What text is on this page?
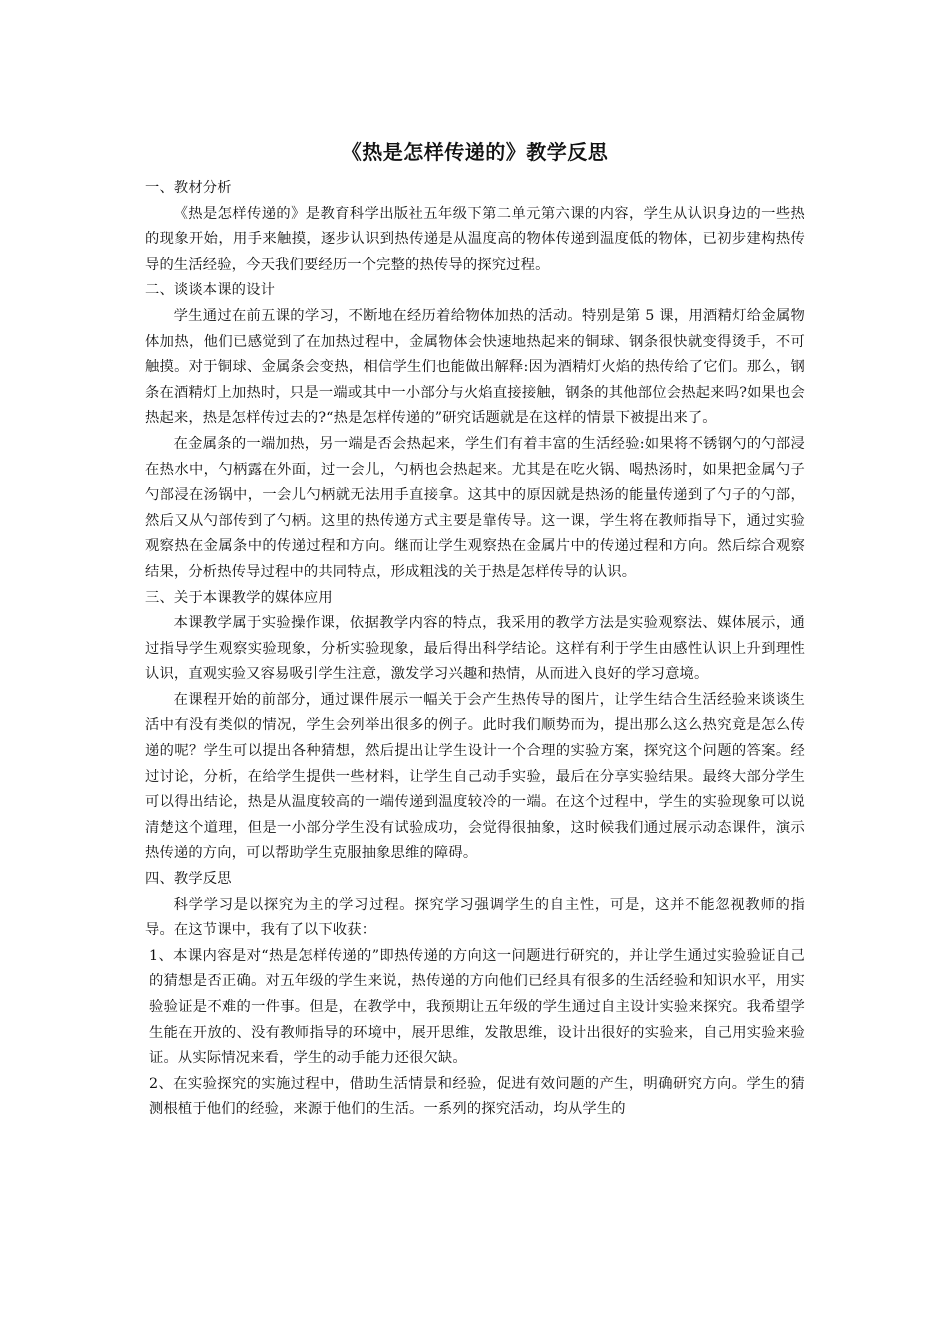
《热是怎样传递的》教学反思

一、教材分析

《热是怎样传递的》是教育科学出版社五年级下第二单元第六课的内容，学生从认识身边的一些热的现象开始，用手来触摸，逐步认识到热传递是从温度高的物体传递到温度低的物体，已初步建构热传导的生活经验，今天我们要经历一个完整的热传导的探究过程。

二、谈谈本课的设计

学生通过在前五课的学习，不断地在经历着给物体加热的活动。特别是第 5 课，用酒精灯给金属物体加热，他们已感觉到了在加热过程中，金属物体会快速地热起来的铜球、钢条很快就变得烫手，不可触摸。对于铜球、金属条会变热，相信学生们也能做出解释:因为酒精灯火焰的热传给了它们。那么，钢条在酒精灯上加热时，只是一端或其中一小部分与火焰直接接触，钢条的其他部位会热起来吗?如果也会热起来，热是怎样传过去的?“热是怎样传递的”研究话题就是在这样的情景下被提出来了。

在金属条的一端加热，另一端是否会热起来，学生们有着丰富的生活经验:如果将不锈钢勺的勺部浸在热水中，勺柄露在外面，过一会儿，勺柄也会热起来。尤其是在吃火锅、喝热汤时，如果把金属勺子勺部浸在汤锅中，一会儿勺柄就无法用手直接拿。这其中的原因就是热汤的能量传递到了勺子的勺部，然后又从勺部传到了勺柄。这里的热传递方式主要是靠传导。这一课，学生将在教师指导下，通过实验观察热在金属条中的传递过程和方向。继而让学生观察热在金属片中的传递过程和方向。然后综合观察结果，分析热传导过程中的共同特点，形成粗浅的关于热是怎样传导的认识。

三、关于本课教学的媒体应用

本课教学属于实验操作课，依据教学内容的特点，我采用的教学方法是实验观察法、媒体展示，通过指导学生观察实验现象，分析实验现象，最后得出科学结论。这样有利于学生由感性认识上升到理性认识，直观实验又容易吸引学生注意，激发学习兴趣和热情，从而进入良好的学习意境。

在课程开始的前部分，通过课件展示一幅关于会产生热传导的图片，让学生结合生活经验来谈谈生活中有没有类似的情况，学生会列举出很多的例子。此时我们顺势而为，提出那么这么热究竟是怎么传递的呢？学生可以提出各种猜想，然后提出让学生设计一个合理的实验方案，探究这个问题的答案。经过讨论，分析，在给学生提供一些材料，让学生自己动手实验，最后在分享实验结果。最终大部分学生可以得出结论，热是从温度较高的一端传递到温度较冷的一端。在这个过程中，学生的实验现象可以说清楚这个道理，但是一小部分学生没有试验成功，会觉得很抽象，这时候我们通过展示动态课件，演示热传递的方向，可以帮助学生克服抽象思维的障碍。

四、教学反思

科学学习是以探究为主的学习过程。探究学习强调学生的自主性，可是，这并不能忽视教师的指导。在这节课中，我有了以下收获：

1、本课内容是对“热是怎样传递的”即热传递的方向这一问题进行研究的，并让学生通过实验验证自己的猜想是否正确。对五年级的学生来说，热传递的方向他们已经具有很多的生活经验和知识水平，用实验验证是不难的一件事。但是，在教学中，我预期让五年级的学生通过自主设计实验来探究。我希望学生能在开放的、没有教师指导的环境中，展开思维，发散思维，设计出很好的实验来，自己用实验来验证。从实际情况来看，学生的动手能力还很欠缺。

2、在实验探究的实施过程中，借助生活情景和经验，促进有效问题的产生，明确研究方向。学生的猜测根植于他们的经验，来源于他们的生活。一系列的探究活动，均从学生的
